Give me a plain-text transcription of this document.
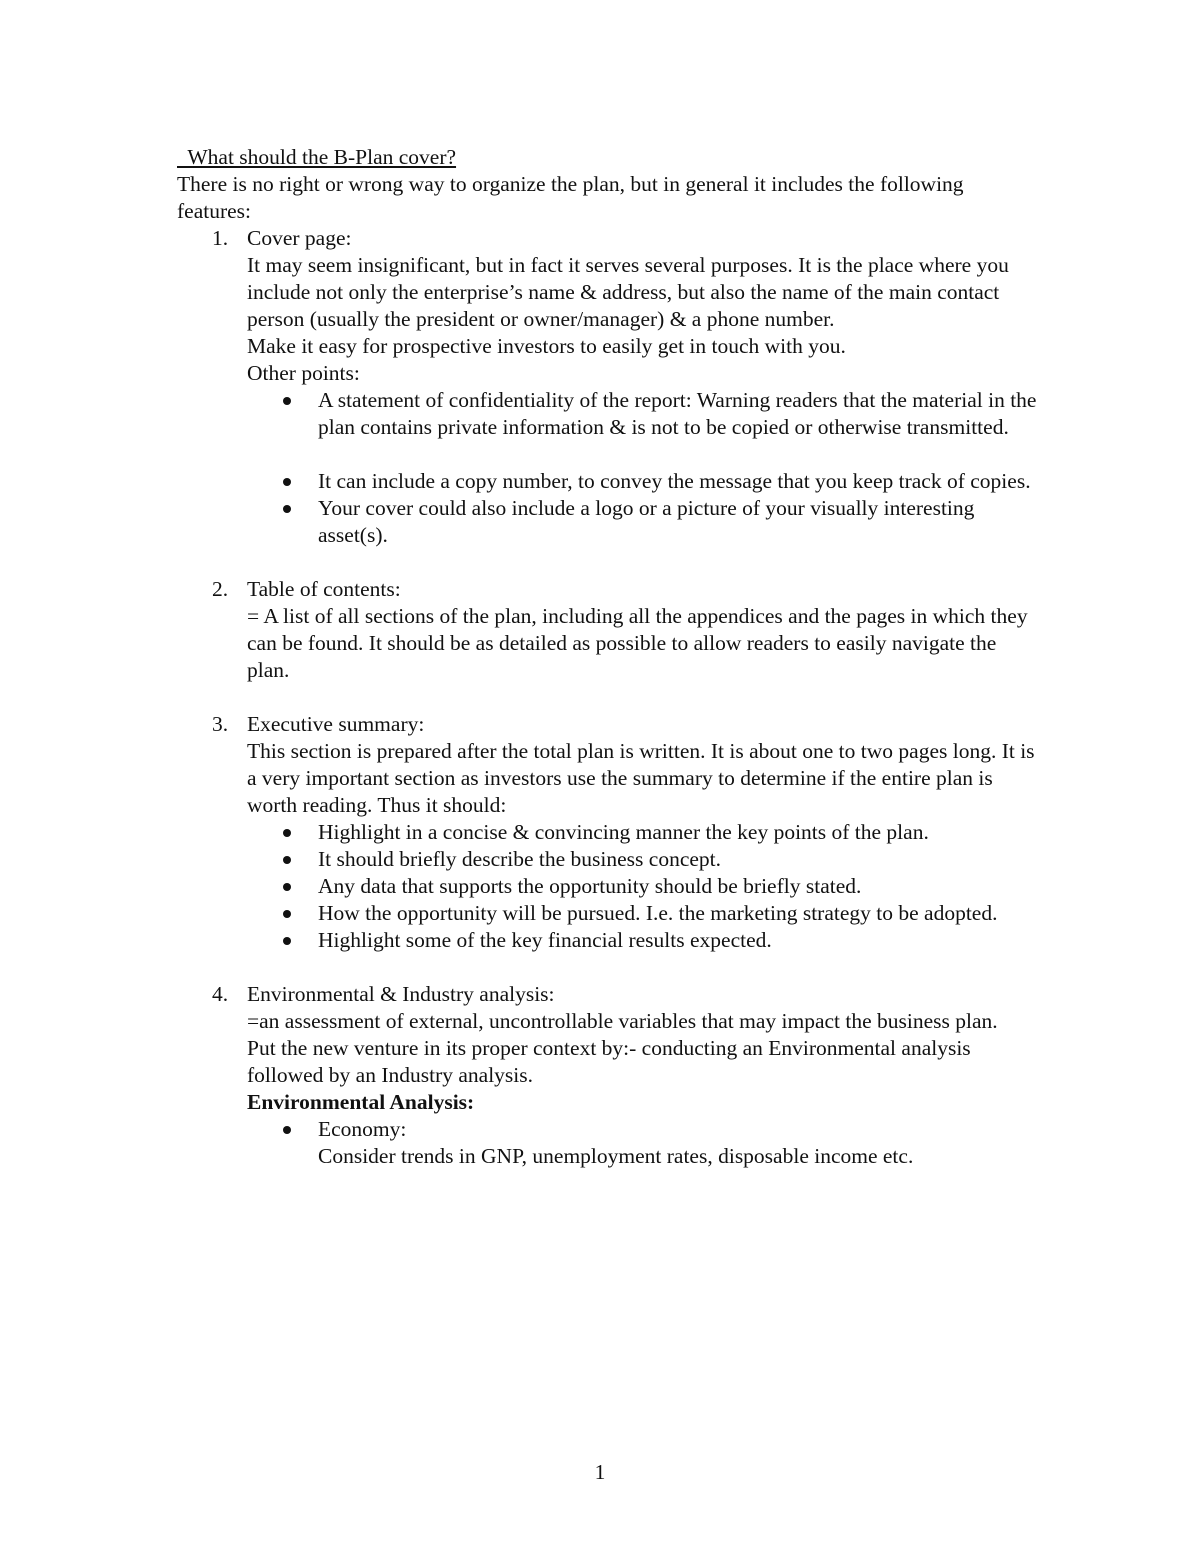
What should the B-Plan cover?
There is no right or wrong way to organize the plan, but in general it includes the following features:
1. Cover page:
It may seem insignificant, but in fact it serves several purposes. It is the place where you include not only the enterprise’s name & address, but also the name of the main contact person (usually the president or owner/manager) & a phone number.
Make it easy for prospective investors to easily get in touch with you.
Other points:
A statement of confidentiality of the report: Warning readers that the material in the plan contains private information & is not to be copied or otherwise transmitted.
It can include a copy number, to convey the message that you keep track of copies.
Your cover could also include a logo or a picture of your visually interesting asset(s).
2. Table of contents:
= A list of all sections of the plan, including all the appendices and the pages in which they can be found. It should be as detailed as possible to allow readers to easily navigate the plan.
3. Executive summary:
This section is prepared after the total plan is written. It is about one to two pages long. It is a very important section as investors use the summary to determine if the entire plan is worth reading. Thus it should:
Highlight in a concise & convincing manner the key points of the plan.
It should briefly describe the business concept.
Any data that supports the opportunity should be briefly stated.
How the opportunity will be pursued. I.e. the marketing strategy to be adopted.
Highlight some of the key financial results expected.
4. Environmental & Industry analysis:
=an assessment of external, uncontrollable variables that may impact the business plan.
Put the new venture in its proper context by:- conducting an Environmental analysis followed by an Industry analysis.
Environmental Analysis:
Economy:
Consider trends in GNP, unemployment rates, disposable income etc.
1
